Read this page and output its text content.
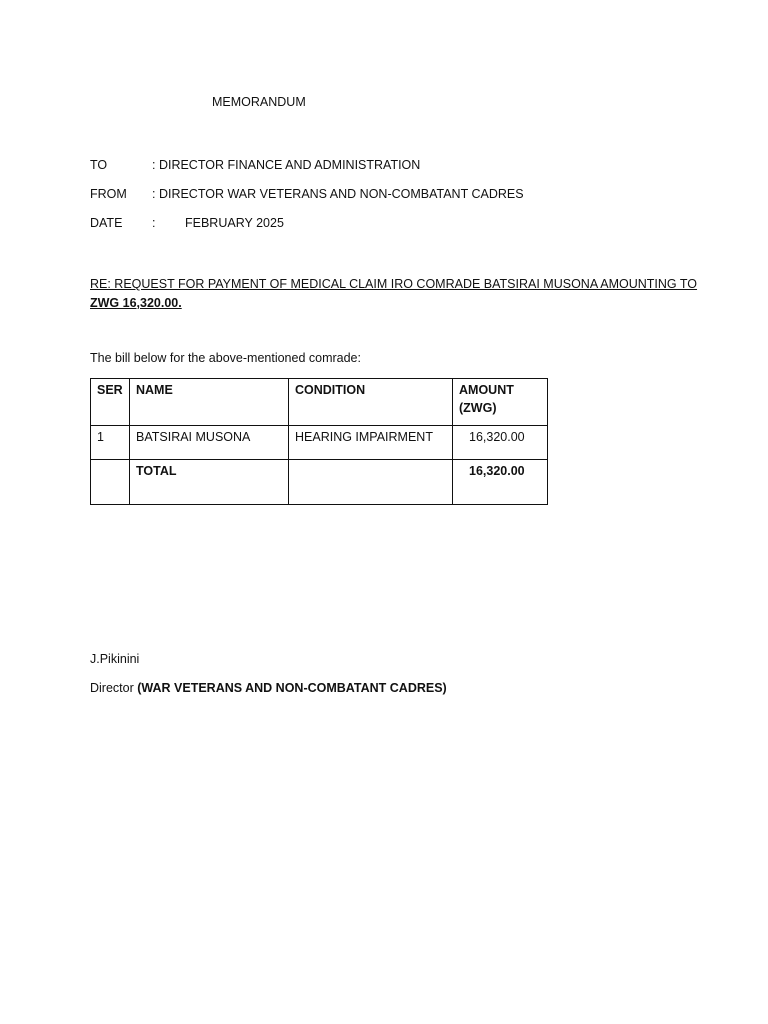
MEMORANDUM
TO	: DIRECTOR FINANCE AND ADMINISTRATION
FROM : DIRECTOR WAR VETERANS AND NON-COMBATANT CADRES
DATE : FEBRUARY 2025
RE: REQUEST FOR PAYMENT OF MEDICAL CLAIM IRO COMRADE BATSIRAI MUSONA AMOUNTING TO
ZWG 16,320.00.
The bill below for the above-mentioned comrade:
SER	NAME	CONDITION	AMOUNT
(ZWG)

1	BATSIRAI MUSONA	HEARING IMPAIRMENT	16,320.00
	TOTAL		16,320.00
J.Pikinini
Director (WAR VETERANS AND NON-COMBATANT CADRES)
